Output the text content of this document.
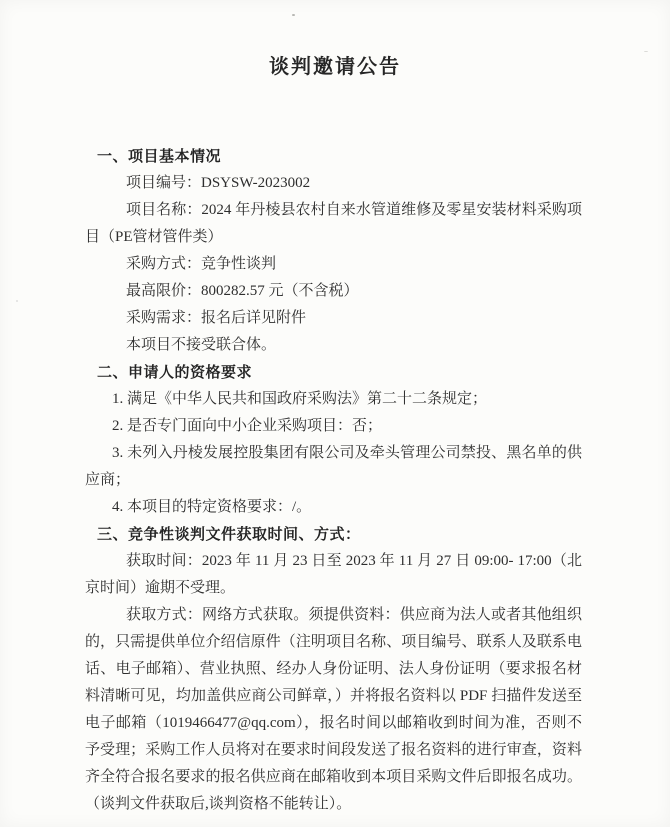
谈判邀请公告

一、项目基本情况

项目编号：DSYSW-2023002

项目名称：2024 年丹棱县农村自来水管道维修及零星安装材料采购项目（PE管材管件类）

采购方式：竞争性谈判

最高限价：800282.57 元（不含税）

采购需求：报名后详见附件

本项目不接受联合体。

二、申请人的资格要求

1. 满足《中华人民共和国政府采购法》第二十二条规定；

2. 是否专门面向中小企业采购项目：否；

3. 未列入丹棱发展控股集团有限公司及牵头管理公司禁投、黑名单的供应商；

4. 本项目的特定资格要求：/。

三、竞争性谈判文件获取时间、方式：

获取时间：2023 年 11 月 23 日至 2023 年 11 月 27 日 09:00- 17:00（北京时间）逾期不受理。

获取方式：网络方式获取。须提供资料：供应商为法人或者其他组织的，只需提供单位介绍信原件（注明项目名称、项目编号、联系人及联系电话、电子邮箱）、营业执照、经办人身份证明、法人身份证明（要求报名材料清晰可见，均加盖供应商公司鲜章，）并将报名资料以 PDF 扫描件发送至电子邮箱（1019466477@qq.com），报名时间以邮箱收到时间为准，否则不予受理；采购工作人员将对在要求时间段发送了报名资料的进行审查，资料齐全符合报名要求的报名供应商在邮箱收到本项目采购文件后即报名成功。（谈判文件获取后,谈判资格不能转让）。
